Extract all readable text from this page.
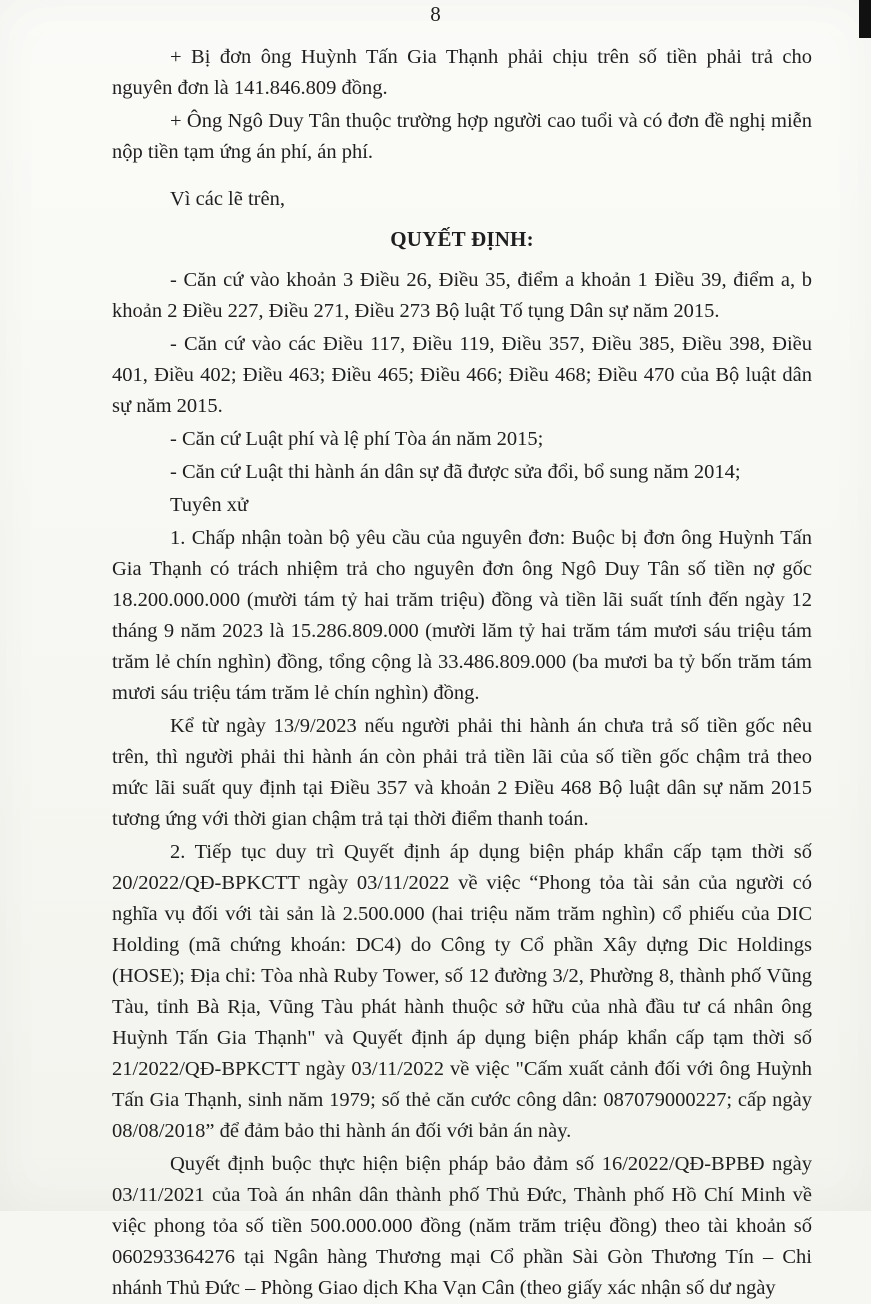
8

+ Bị đơn ông Huỳnh Tấn Gia Thạnh phải chịu trên số tiền phải trả cho nguyên đơn là 141.846.809 đồng.

+ Ông Ngô Duy Tân thuộc trường hợp người cao tuổi và có đơn đề nghị miễn nộp tiền tạm ứng án phí, án phí.

Vì các lẽ trên,

QUYẾT ĐỊNH:

- Căn cứ vào khoản 3 Điều 26, Điều 35, điểm a khoản 1 Điều 39, điểm a, b khoản 2 Điều 227, Điều 271, Điều 273 Bộ luật Tố tụng Dân sự năm 2015.

- Căn cứ vào các Điều 117, Điều 119, Điều 357, Điều 385, Điều 398, Điều 401, Điều 402; Điều 463; Điều 465; Điều 466; Điều 468; Điều 470 của Bộ luật dân sự năm 2015.

- Căn cứ Luật phí và lệ phí Tòa án năm 2015;

- Căn cứ Luật thi hành án dân sự đã được sửa đổi, bổ sung năm 2014;

Tuyên xử

1. Chấp nhận toàn bộ yêu cầu của nguyên đơn: Buộc bị đơn ông Huỳnh Tấn Gia Thạnh có trách nhiệm trả cho nguyên đơn ông Ngô Duy Tân số tiền nợ gốc 18.200.000.000 (mười tám tỷ hai trăm triệu) đồng và tiền lãi suất tính đến ngày 12 tháng 9 năm 2023 là 15.286.809.000 (mười lăm tỷ hai trăm tám mươi sáu triệu tám trăm lẻ chín nghìn) đồng, tổng cộng là 33.486.809.000 (ba mươi ba tỷ bốn trăm tám mươi sáu triệu tám trăm lẻ chín nghìn) đồng.

Kể từ ngày 13/9/2023 nếu người phải thi hành án chưa trả số tiền gốc nêu trên, thì người phải thi hành án còn phải trả tiền lãi của số tiền gốc chậm trả theo mức lãi suất quy định tại Điều 357 và khoản 2 Điều 468 Bộ luật dân sự năm 2015 tương ứng với thời gian chậm trả tại thời điểm thanh toán.

2. Tiếp tục duy trì Quyết định áp dụng biện pháp khẩn cấp tạm thời số 20/2022/QĐ-BPKCTT ngày 03/11/2022 về việc “Phong tỏa tài sản của người có nghĩa vụ đối với tài sản là 2.500.000 (hai triệu năm trăm nghìn) cổ phiếu của DIC Holding (mã chứng khoán: DC4) do Công ty Cổ phần Xây dựng Dic Holdings (HOSE); Địa chỉ: Tòa nhà Ruby Tower, số 12 đường 3/2, Phường 8, thành phố Vũng Tàu, tỉnh Bà Rịa, Vũng Tàu phát hành thuộc sở hữu của nhà đầu tư cá nhân ông Huỳnh Tấn Gia Thạnh" và Quyết định áp dụng biện pháp khẩn cấp tạm thời số 21/2022/QĐ-BPKCTT ngày 03/11/2022 về việc "Cấm xuất cảnh đối với ông Huỳnh Tấn Gia Thạnh, sinh năm 1979; số thẻ căn cước công dân: 087079000227; cấp ngày 08/08/2018” để đảm bảo thi hành án đối với bản án này.

Quyết định buộc thực hiện biện pháp bảo đảm số 16/2022/QĐ-BPBĐ ngày 03/11/2021 của Toà án nhân dân thành phố Thủ Đức, Thành phố Hồ Chí Minh về việc phong tỏa số tiền 500.000.000 đồng (năm trăm triệu đồng) theo tài khoản số 060293364276 tại Ngân hàng Thương mại Cổ phần Sài Gòn Thương Tín – Chi nhánh Thủ Đức – Phòng Giao dịch Kha Vạn Cân (theo giấy xác nhận số dư ngày
